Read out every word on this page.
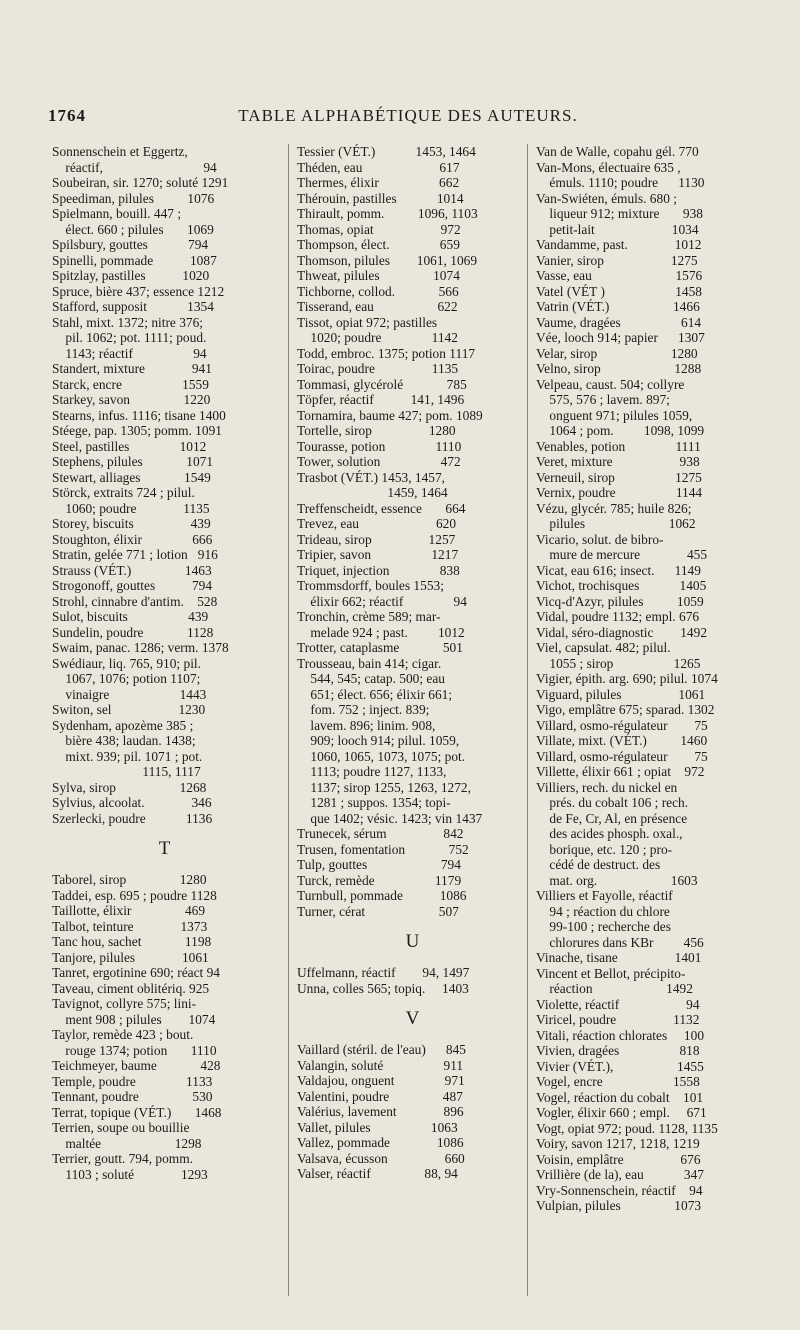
TABLE ALPHABÉTIQUE DES AUTEURS.
1764
Sonnenschein et Eggertz,
réactif,                              94
Soubeiran, sir. 1270; soluté 1291
Speediman, pilules          1076
Spielmann, bouill. 447 ;
élect. 660 ; pilules       1069
Spilsbury, gouttes            794
Spinelli, pommade           1087
Spitzlay, pastilles           1020
Spruce, bière 437; essence 1212
Stafford, supposit            1354
Stahl, mixt. 1372; nitre 376;
pil. 1062; pot. 1111; poud.
1143; réactif                  94
Standert, mixture              941
Starck, encre                  1559
Starkey, savon                1220
Stearns, infus. 1116; tisane 1400
Stéege, pap. 1305; pomm. 1091
Steel, pastilles               1012
Stephens, pilules             1071
Stewart, alliages             1549
Störck, extraits 724 ; pilul.
1060; poudre              1135
Storey, biscuits                 439
Stoughton, élixir               666
Stratin, gelée 771 ; lotion   916
Strauss (VÉT.)                1463
Strogonoff, gouttes           794
Strohl, cinnabre d'antim.    528
Sulot, biscuits                  439
Sundelin, poudre             1128
Swaim, panac. 1286; verm. 1378
Swédiaur, liq. 765, 910; pil.
1067, 1076; potion 1107;
vinaigre                     1443
Switon, sel                    1230
Sydenham, apozème 385 ;
bière 438; laudan. 1438;
mixt. 939; pil. 1071 ; pot.
1115, 1117
Sylva, sirop                   1268
Sylvius, alcoolat.              346
Szerlecki, poudre            1136
T
Taborel, sirop                1280
Taddei, esp. 695 ; poudre 1128
Taillotte, élixir                469
Talbot, teinture              1373
Tanc hou, sachet             1198
Tanjore, pilules              1061
Tanret, ergotinine 690; réact 94
Taveau, ciment oblitériq. 925
Tavignot, collyre 575; lini-
ment 908 ; pilules        1074
Taylor, remède 423 ; bout.
rouge 1374; potion       1110
Teichmeyer, baume             428
Temple, poudre               1133
Tennant, poudre                530
Terrat, topique (VÉT.)       1468
Terrien, soupe ou bouillie
maltée                      1298
Terrier, goutt. 794, pomm.
1103 ; soluté              1293
Tessier (VÉT.)            1453, 1464
Théden, eau                       617
Thermes, élixir                  662
Thérouin, pastilles            1014
Thirault, pomm.          1096, 1103
Thomas, opiat                    972
Thompson, élect.               659
Thomson, pilules        1061, 1069
Thweat, pilules                1074
Tichborne, collod.             566
Tisserand, eau                   622
Tissot, opiat 972; pastilles
1020; poudre               1142
Todd, embroc. 1375; potion 1117
Toirac, poudre                 1135
Tommasi, glycérolé             785
Töpfer, réactif           141, 1496
Tornamira, baume 427; pom. 1089
Tortelle, sirop                 1280
Tourasse, potion               1110
Tower, solution                  472
Trasbot (VÉT.) 1453, 1457,
1459, 1464
Treffenscheidt, essence       664
Trevez, eau                       620
Trideau, sirop                 1257
Tripier, savon                  1217
Triquet, injection               838
Trommsdorff, boules 1553;
élixir 662; réactif               94
Tronchin, crème 589; mar-
melade 924 ; past.         1012
Trotter, cataplasme             501
Trousseau, bain 414; cigar.
544, 545; catap. 500; eau
651; élect. 656; élixir 661;
fom. 752 ; inject. 839;
lavem. 896; linim. 908,
909; looch 914; pilul. 1059,
1060, 1065, 1073, 1075; pot.
1113; poudre 1127, 1133,
1137; sirop 1255, 1263, 1272,
1281 ; suppos. 1354; topi-
que 1402; vésic. 1423; vin 1437
Trunecek, sérum                 842
Trusen, fomentation             752
Tulp, gouttes                      794
Turck, remède                  1179
Turnbull, pommade           1086
Turner, cérat                      507
U
Uffelmann, réactif        94, 1497
Unna, colles 565; topiq.     1403
V
Vaillard (stéril. de l'eau)      845
Valangin, soluté                  911
Valdajou, onguent               971
Valentini, poudre                487
Valérius, lavement              896
Vallet, pilules                  1063
Vallez, pommade              1086
Valsava, écusson                 660
Valser, réactif                88, 94
Van de Walle, copahu gél. 770
Van-Mons, électuaire 635 ,
émuls. 1110; poudre      1130
Van-Swiéten, émuls. 680 ;
liqueur 912; mixture       938
petit-lait                       1034
Vandamme, past.              1012
Vanier, sirop                    1275
Vasse, eau                         1576
Vatel (VÉT )                     1458
Vatrin (VÉT.)                   1466
Vaume, dragées                  614
Vée, looch 914; papier      1307
Velar, sirop                      1280
Velno, sirop                      1288
Velpeau, caust. 504; collyre
575, 576 ; lavem. 897;
onguent 971; pilules 1059,
1064 ; pom.         1098, 1099
Venables, potion               1111
Veret, mixture                    938
Verneuil, sirop                  1275
Vernix, poudre                  1144
Vézu, glycér. 785; huile 826;
pilules                         1062
Vicario, solut. de bibro-
mure de mercure              455
Vicat, eau 616; insect.      1149
Vichot, trochisques            1405
Vicq-d'Azyr, pilules          1059
Vidal, poudre 1132; empl. 676
Vidal, séro-diagnostic        1492
Viel, capsulat. 482; pilul.
1055 ; sirop                  1265
Vigier, épith. arg. 690; pilul. 1074
Viguard, pilules                 1061
Vigo, emplâtre 675; sparad. 1302
Villard, osmo-régulateur        75
Villate, mixt. (VÉT.)          1460
Villard, osmo-régulateur        75
Villette, élixir 661 ; opiat    972
Villiers, rech. du nickel en
prés. du cobalt 106 ; rech.
de Fe, Cr, Al, en présence
des acides phosph. oxal.,
borique, etc. 120 ; pro-
cédé de destruct. des
mat. org.                      1603
Villiers et Fayolle, réactif
94 ; réaction du chlore
99-100 ; recherche des
chlorures dans KBr         456
Vinache, tisane                 1401
Vincent et Bellot, précipito-
réaction                      1492
Violette, réactif                    94
Viricel, poudre                 1132
Vitali, réaction chlorates     100
Vivien, dragées                  818
Vivier (VÉT.),                   1455
Vogel, encre                     1558
Vogel, réaction du cobalt    101
Vogler, élixir 660 ; empl.     671
Vogt, opiat 972; poud. 1128, 1135
Voiry, savon 1217, 1218, 1219
Voisin, emplâtre                 676
Vrillière (de la), eau            347
Vry-Sonnenschein, réactif    94
Vulpian, pilules                1073
